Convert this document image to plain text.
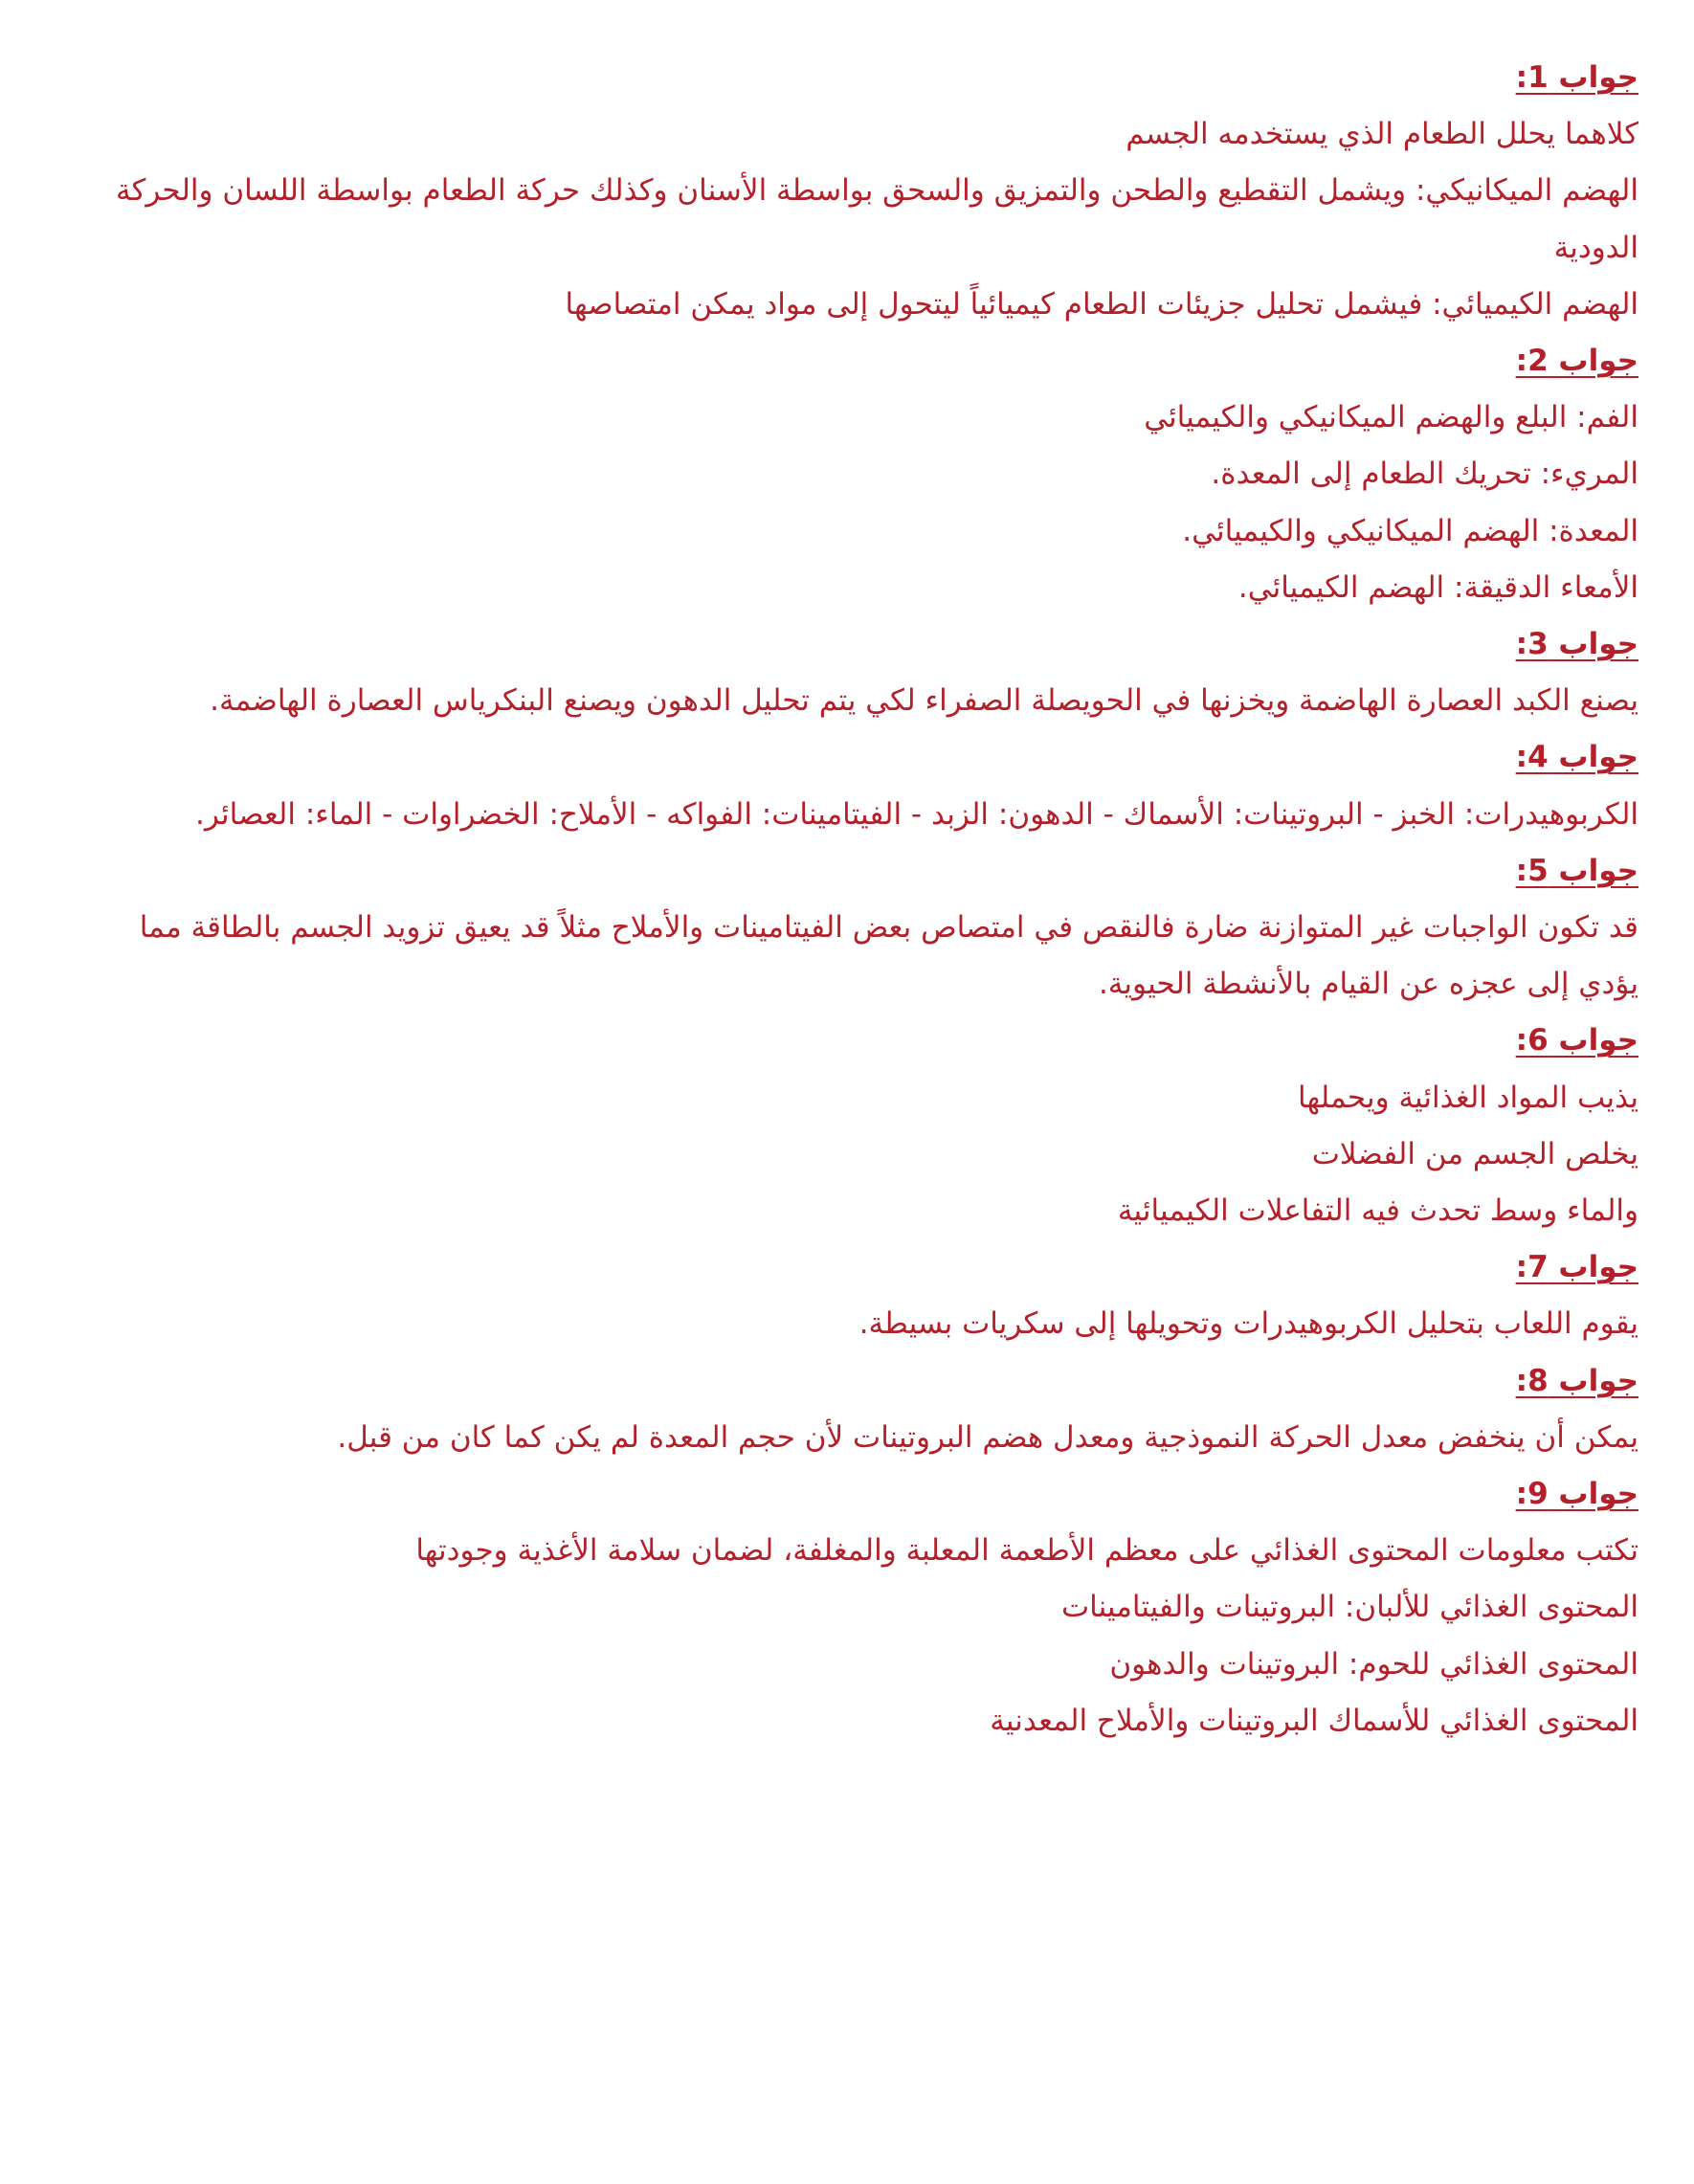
جواب 1:
كلاهما يحلل الطعام الذي يستخدمه الجسم
الهضم الميكانيكي: ويشمل التقطيع والطحن والتمزيق والسحق بواسطة الأسنان وكذلك حركة الطعام بواسطة اللسان والحركة الدودية
الهضم الكيميائي: فيشمل تحليل جزيئات الطعام كيميائياً ليتحول إلى مواد يمكن امتصاصها
جواب 2:
الفم: البلع والهضم الميكانيكي والكيميائي
المريء: تحريك الطعام إلى المعدة.
المعدة: الهضم الميكانيكي والكيميائي.
الأمعاء الدقيقة: الهضم الكيميائي.
جواب 3:
يصنع الكبد العصارة الهاضمة ويخزنها في الحويصلة الصفراء لكي يتم تحليل الدهون ويصنع البنكرياس العصارة الهاضمة.
جواب 4:
الكربوهيدرات: الخبز - البروتينات: الأسماك - الدهون: الزبد - الفيتامينات: الفواكه - الأملاح: الخضراوات - الماء: العصائر.
جواب 5:
قد تكون الواجبات غير المتوازنة ضارة فالنقص في امتصاص بعض الفيتامينات والأملاح مثلاً قد يعيق تزويد الجسم بالطاقة مما يؤدي إلى عجزه عن القيام بالأنشطة الحيوية.
جواب 6:
يذيب المواد الغذائية ويحملها
يخلص الجسم من الفضلات
والماء وسط تحدث فيه التفاعلات الكيميائية
جواب 7:
يقوم اللعاب بتحليل الكربوهيدرات وتحويلها إلى سكريات بسيطة.
جواب 8:
يمكن أن ينخفض معدل الحركة النموذجية ومعدل هضم البروتينات لأن حجم المعدة لم يكن كما كان من قبل.
جواب 9:
تكتب معلومات المحتوى الغذائي على معظم الأطعمة المعلبة والمغلفة، لضمان سلامة الأغذية وجودتها
المحتوى الغذائي للألبان: البروتينات والفيتامينات
المحتوى الغذائي للحوم: البروتينات والدهون
المحتوى الغذائي للأسماك البروتينات والأملاح المعدنية
